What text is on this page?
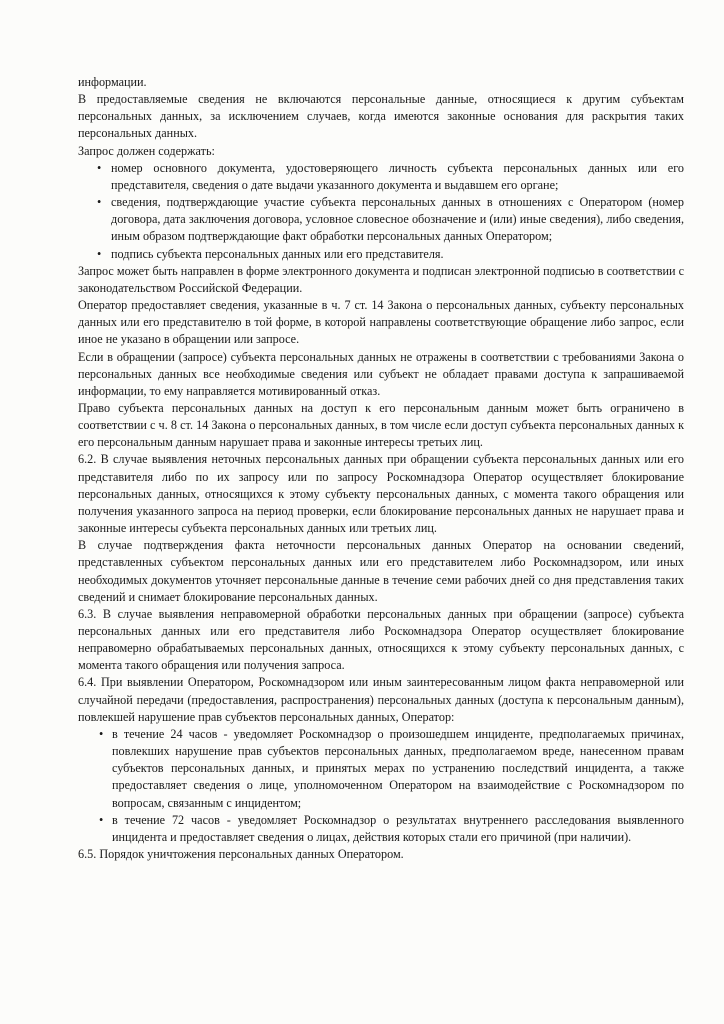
информации.

В предоставляемые сведения не включаются персональные данные, относящиеся к другим субъектам персональных данных, за исключением случаев, когда имеются законные основания для раскрытия таких персональных данных.

Запрос должен содержать:

• номер основного документа, удостоверяющего личность субъекта персональных данных или его представителя, сведения о дате выдачи указанного документа и выдавшем его органе;
• сведения, подтверждающие участие субъекта персональных данных в отношениях с Оператором (номер договора, дата заключения договора, условное словесное обозначение и (или) иные сведения), либо сведения, иным образом подтверждающие факт обработки персональных данных Оператором;
• подпись субъекта персональных данных или его представителя.

Запрос может быть направлен в форме электронного документа и подписан электронной подписью в соответствии с законодательством Российской Федерации.

Оператор предоставляет сведения, указанные в ч. 7 ст. 14 Закона о персональных данных, субъекту персональных данных или его представителю в той форме, в которой направлены соответствующие обращение либо запрос, если иное не указано в обращении или запросе.

Если в обращении (запросе) субъекта персональных данных не отражены в соответствии с требованиями Закона о персональных данных все необходимые сведения или субъект не обладает правами доступа к запрашиваемой информации, то ему направляется мотивированный отказ.

Право субъекта персональных данных на доступ к его персональным данным может быть ограничено в соответствии с ч. 8 ст. 14 Закона о персональных данных, в том числе если доступ субъекта персональных данных к его персональным данным нарушает права и законные интересы третьих лиц.

6.2. В случае выявления неточных персональных данных при обращении субъекта персональных данных или его представителя либо по их запросу или по запросу Роскомнадзора Оператор осуществляет блокирование персональных данных, относящихся к этому субъекту персональных данных, с момента такого обращения или получения указанного запроса на период проверки, если блокирование персональных данных не нарушает права и законные интересы субъекта персональных данных или третьих лиц.

В случае подтверждения факта неточности персональных данных Оператор на основании сведений, представленных субъектом персональных данных или его представителем либо Роскомнадзором, или иных необходимых документов уточняет персональные данные в течение семи рабочих дней со дня представления таких сведений и снимает блокирование персональных данных.

6.3. В случае выявления неправомерной обработки персональных данных при обращении (запросе) субъекта персональных данных или его представителя либо Роскомнадзора Оператор осуществляет блокирование неправомерно обрабатываемых персональных данных, относящихся к этому субъекту персональных данных, с момента такого обращения или получения запроса.

6.4. При выявлении Оператором, Роскомнадзором или иным заинтересованным лицом факта неправомерной или случайной передачи (предоставления, распространения) персональных данных (доступа к персональным данным), повлекшей нарушение прав субъектов персональных данных, Оператор:

• в течение 24 часов - уведомляет Роскомнадзор о произошедшем инциденте, предполагаемых причинах, повлекших нарушение прав субъектов персональных данных, предполагаемом вреде, нанесенном правам субъектов персональных данных, и принятых мерах по устранению последствий инцидента, а также предоставляет сведения о лице, уполномоченном Оператором на взаимодействие с Роскомнадзором по вопросам, связанным с инцидентом;
• в течение 72 часов - уведомляет Роскомнадзор о результатах внутреннего расследования выявленного инцидента и предоставляет сведения о лицах, действия которых стали его причиной (при наличии).

6.5. Порядок уничтожения персональных данных Оператором.
